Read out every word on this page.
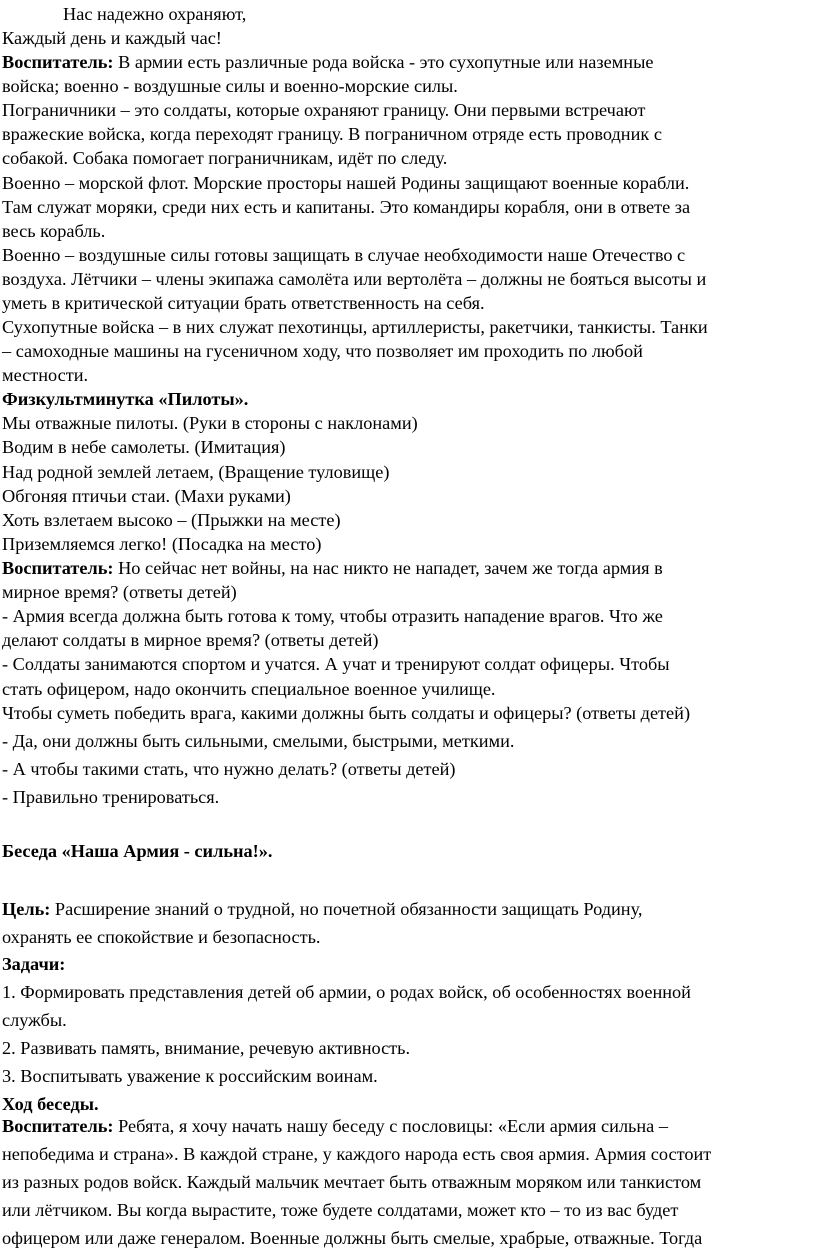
Нас надежно охраняют,
Каждый день и каждый час!
Воспитатель: В армии есть различные рода войска - это сухопутные или наземные
войска; военно - воздушные силы и военно-морские силы.
Пограничники – это солдаты, которые охраняют границу. Они первыми встречают
вражеские войска, когда переходят границу. В пограничном отряде есть проводник с
собакой. Собака помогает пограничникам, идёт по следу.
Военно – морской флот. Морские просторы нашей Родины защищают военные корабли.
Там служат моряки, среди них есть и капитаны. Это командиры корабля, они в ответе за
весь корабль.
Военно – воздушные силы готовы защищать в случае необходимости наше Отечество с
воздуха. Лётчики – члены экипажа самолёта или вертолёта – должны не бояться высоты и
уметь в критической ситуации брать ответственность на себя.
Сухопутные войска – в них служат пехотинцы, артиллеристы, ракетчики, танкисты. Танки
– самоходные машины на гусеничном ходу, что позволяет им проходить по любой
местности.
Физкультминутка «Пилоты».
Мы отважные пилоты. (Руки в стороны с наклонами)
Водим в небе самолеты. (Имитация)
Над родной землей летаем, (Вращение туловище)
Обгоняя птичьи стаи. (Махи руками)
Хоть взлетаем высоко – (Прыжки на месте)
Приземляемся легко! (Посадка на место)
Воспитатель: Но сейчас нет войны, на нас никто не нападет, зачем же тогда армия в
мирное время? (ответы детей)
- Армия всегда должна быть готова к тому, чтобы отразить нападение врагов. Что же
делают солдаты в мирное время? (ответы детей)
- Солдаты занимаются спортом и учатся. А учат и тренируют солдат офицеры. Чтобы
стать офицером, надо окончить специальное военное училище.
Чтобы суметь победить врага, какими должны быть солдаты и офицеры? (ответы детей)
- Да, они должны быть сильными, смелыми, быстрыми, меткими.
- А чтобы такими стать, что нужно делать? (ответы детей)
- Правильно тренироваться.
Беседа «Наша Армия - сильна!».
Цель: Расширение знаний о трудной, но почетной обязанности защищать Родину,
охранять ее спокойствие и безопасность.
Задачи:
1. Формировать представления детей об армии, о родах войск, об особенностях военной
службы.
2. Развивать память, внимание, речевую активность.
3. Воспитывать уважение к российским воинам.
Ход беседы.
Воспитатель: Ребята, я хочу начать нашу беседу с пословицы: «Если армия сильна –
непобедима и страна». В каждой стране, у каждого народа есть своя армия. Армия состоит
из разных родов войск. Каждый мальчик мечтает быть отважным моряком или танкистом
или лётчиком. Вы когда вырастите, тоже будете солдатами, может кто – то из вас будет
офицером или даже генералом. Военные должны быть смелые, храбрые, отважные. Тогда
